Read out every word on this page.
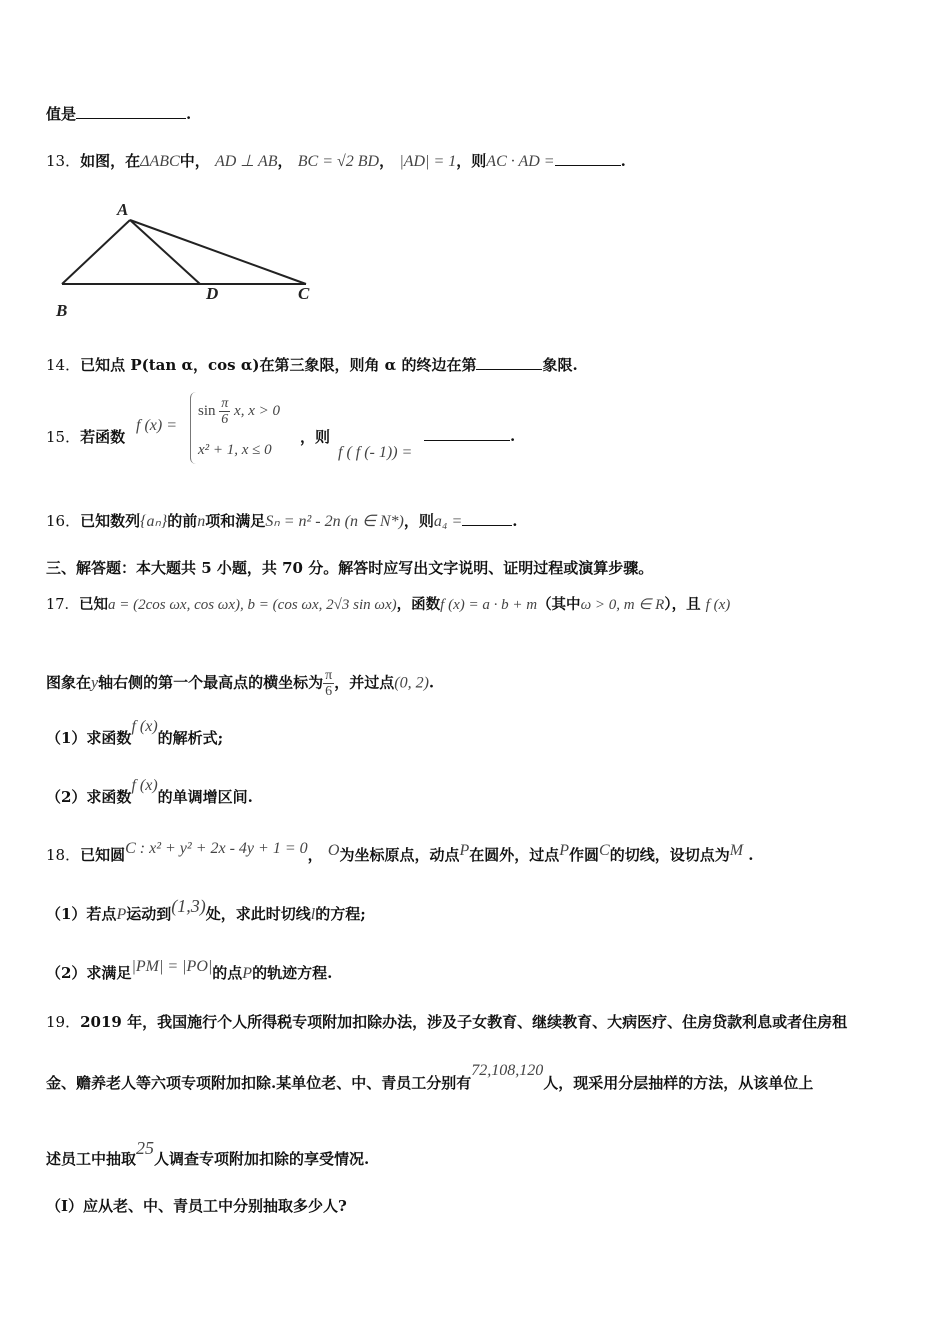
值是	.
13．如图，在ΔABC中， AD ⊥ AB， BC = √2 BD， |AD| = 1，则AC · AD =	.
A
B
D	C
14．已知点 P(tan α，cos α)在第三象限，则角 α 的终边在第	象限.
15．若函数
f (x) =
$\sin \frac{\pi}{6} x$, x > 0
x² + 1, x ≤ 0
，则
f ( f (- 1)) =
.
16．已知数列{aₙ}的前n项和满足Sₙ = n² - 2n (n ∈ N*)，则a₄ =	.
三、解答题：本大题共 5 小题，共 70 分。解答时应写出文字说明、证明过程或演算步骤。
17．已知a = (2cos ωx, cos ωx), b = (cos ωx, 2√3 sin ωx)，函数f (x) = a · b + m（其中ω > 0, m ∈ R），且 f (x)
图象在y轴右侧的第一个最高点的横坐标为 $\frac{\pi}{6}$ ，并过点(0, 2).
（1）求函数f (x)的解析式;
（2）求函数f (x)的单调增区间.
18．已知圆C : x² + y² + 2x - 4y + 1 = 0， O为坐标原点，动点P在圆外，过点P作圆C的切线，设切点为M .
（1）若点P运动到(1,3)处，求此时切线l的方程;
（2）求满足|PM| = |PO|的点P的轨迹方程.
19．2019 年，我国施行个人所得税专项附加扣除办法，涉及子女教育、继续教育、大病医疗、住房贷款利息或者住房租
金、赡养老人等六项专项附加扣除.某单位老、中、青员工分别有72,108,120人，现采用分层抽样的方法，从该单位上
述员工中抽取25人调查专项附加扣除的享受情况.
（Ⅰ）应从老、中、青员工中分别抽取多少人?
